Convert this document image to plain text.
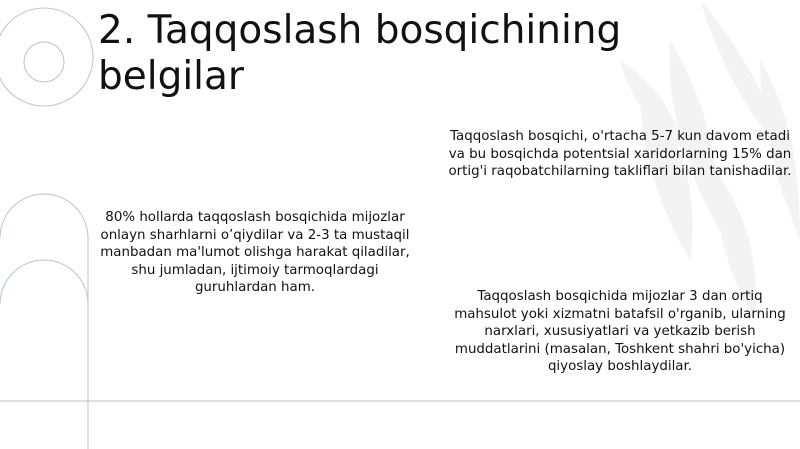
2. Taqqoslash bosqichining belgilar

80% hollarda taqqoslash bosqichida mijozlar onlayn sharhlarni o’qiydilar va 2-3 ta mustaqil manbadan ma'lumot olishga harakat qiladilar, shu jumladan, ijtimoiy tarmoqlardagi guruhlardan ham.

Taqqoslash bosqichi, o'rtacha 5-7 kun davom etadi va bu bosqichda potentsial xaridorlarning 15% dan ortig'i raqobatchilarning takliflari bilan tanishadilar.

Taqqoslash bosqichida mijozlar 3 dan ortiq mahsulot yoki xizmatni batafsil o'rganib, ularning narxlari, xususiyatlari va yetkazib berish muddatlarini (masalan, Toshkent shahri bo'yicha) qiyoslay boshlaydilar.
